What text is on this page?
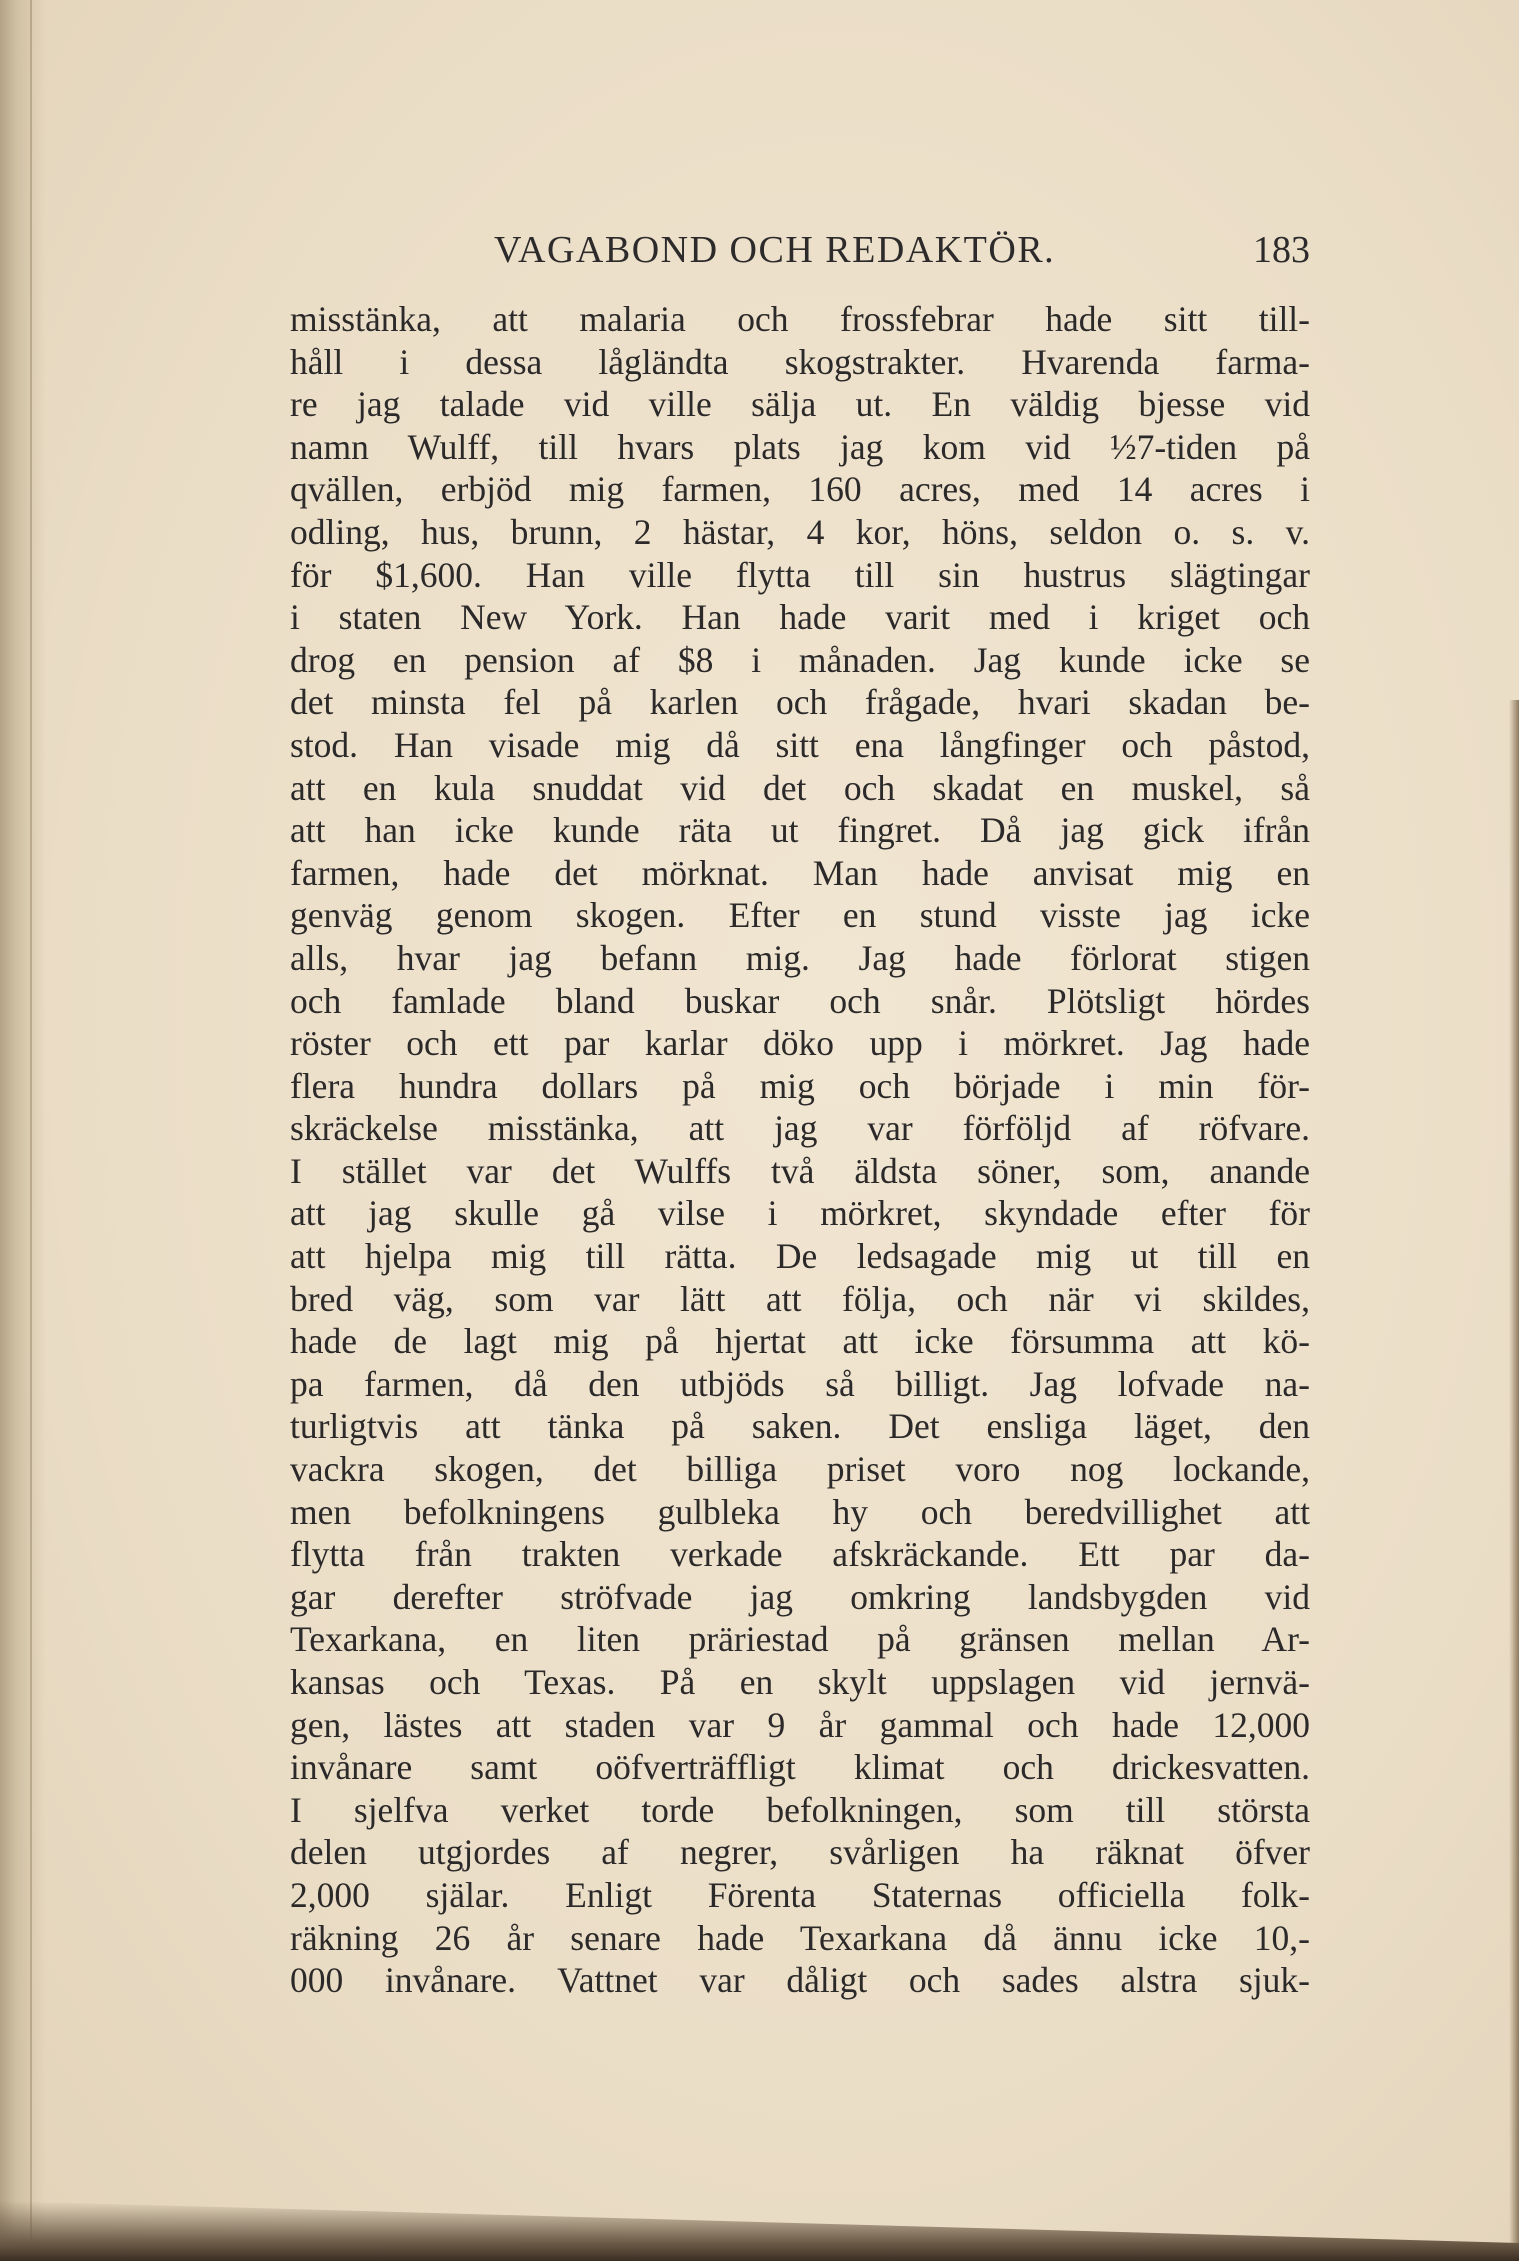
VAGABOND OCH REDAKTÖR.	183
misstänka, att malaria och frossfebrar hade sitt till-
håll i dessa lågländta skogstrakter. Hvarenda farma-
re jag talade vid ville sälja ut. En väldig bjesse vid
namn Wulff, till hvars plats jag kom vid ½7-tiden på
qvällen, erbjöd mig farmen, 160 acres, med 14 acres i
odling, hus, brunn, 2 hästar, 4 kor, höns, seldon o. s. v.
för $1,600. Han ville flytta till sin hustrus slägtingar
i staten New York. Han hade varit med i kriget och
drog en pension af $8 i månaden. Jag kunde icke se
det minsta fel på karlen och frågade, hvari skadan be-
stod. Han visade mig då sitt ena långfinger och påstod,
att en kula snuddat vid det och skadat en muskel, så
att han icke kunde räta ut fingret. Då jag gick ifrån
farmen, hade det mörknat. Man hade anvisat mig en
genväg genom skogen. Efter en stund visste jag icke
alls, hvar jag befann mig. Jag hade förlorat stigen
och famlade bland buskar och snår. Plötsligt hördes
röster och ett par karlar döko upp i mörkret. Jag hade
flera hundra dollars på mig och började i min för-
skräckelse misstänka, att jag var förföljd af röfvare.
I stället var det Wulffs två äldsta söner, som, anande
att jag skulle gå vilse i mörkret, skyndade efter för
att hjelpa mig till rätta. De ledsagade mig ut till en
bred väg, som var lätt att följa, och när vi skildes,
hade de lagt mig på hjertat att icke försumma att kö-
pa farmen, då den utbjöds så billigt. Jag lofvade na-
turligtvis att tänka på saken. Det ensliga läget, den
vackra skogen, det billiga priset voro nog lockande,
men befolkningens gulbleka hy och beredvillighet att
flytta från trakten verkade afskräckande. Ett par da-
gar derefter ströfvade jag omkring landsbygden vid
Texarkana, en liten präriestad på gränsen mellan Ar-
kansas och Texas. På en skylt uppslagen vid jernvä-
gen, lästes att staden var 9 år gammal och hade 12,000
invånare samt oöfverträffligt klimat och drickesvatten.
I sjelfva verket torde befolkningen, som till största
delen utgjordes af negrer, svårligen ha räknat öfver
2,000 själar. Enligt Förenta Staternas officiella folk-
räkning 26 år senare hade Texarkana då ännu icke 10,-
000 invånare. Vattnet var dåligt och sades alstra sjuk-
